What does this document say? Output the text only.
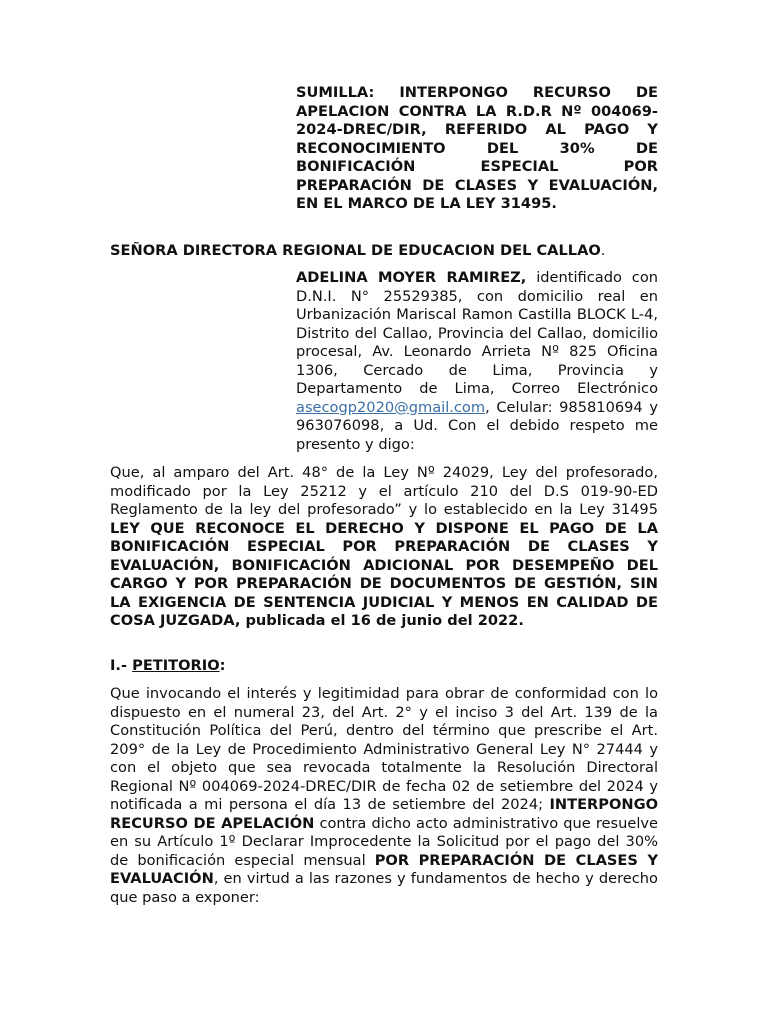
SUMILLA: INTERPONGO RECURSO DE APELACION CONTRA LA R.D.R Nº 004069-2024-DREC/DIR, REFERIDO AL PAGO Y RECONOCIMIENTO DEL 30% DE BONIFICACIÓN ESPECIAL POR PREPARACIÓN DE CLASES Y EVALUACIÓN, EN EL MARCO DE LA LEY 31495.

SEÑORA DIRECTORA REGIONAL DE EDUCACION DEL CALLAO.

ADELINA MOYER RAMIREZ, identificado con D.N.I. N° 25529385, con domicilio real en Urbanización Mariscal Ramon Castilla BLOCK L-4, Distrito del Callao, Provincia del Callao, domicilio procesal, Av. Leonardo Arrieta Nº 825 Oficina 1306, Cercado de Lima, Provincia y Departamento de Lima, Correo Electrónico asecogp2020@gmail.com, Celular: 985810694 y 963076098, a Ud. Con el debido respeto me presento y digo:

Que, al amparo del Art. 48° de la Ley Nº 24029, Ley del profesorado, modificado por la Ley 25212 y el artículo 210 del D.S 019-90-ED Reglamento de la ley del profesorado” y lo establecido en la Ley 31495 LEY QUE RECONOCE EL DERECHO Y DISPONE EL PAGO DE LA BONIFICACIÓN ESPECIAL POR PREPARACIÓN DE CLASES Y EVALUACIÓN, BONIFICACIÓN ADICIONAL POR DESEMPEÑO DEL CARGO Y POR PREPARACIÓN DE DOCUMENTOS DE GESTIÓN, SIN LA EXIGENCIA DE SENTENCIA JUDICIAL Y MENOS EN CALIDAD DE COSA JUZGADA, publicada el 16 de junio del 2022.

I.- PETITORIO:

Que invocando el interés y legitimidad para obrar de conformidad con lo dispuesto en el numeral 23, del Art. 2° y el inciso 3 del Art. 139 de la Constitución Política del Perú, dentro del término que prescribe el Art. 209° de la Ley de Procedimiento Administrativo General Ley N° 27444 y con el objeto que sea revocada totalmente la Resolución Directoral Regional Nº 004069-2024-DREC/DIR de fecha 02 de setiembre del 2024 y notificada a mi persona el día 13 de setiembre del 2024; INTERPONGO RECURSO DE APELACIÓN contra dicho acto administrativo que resuelve en su Artículo 1º Declarar Improcedente la Solicitud por el pago del 30% de bonificación especial mensual POR PREPARACIÓN DE CLASES Y EVALUACIÓN, en virtud a las razones y fundamentos de hecho y derecho que paso a exponer:
